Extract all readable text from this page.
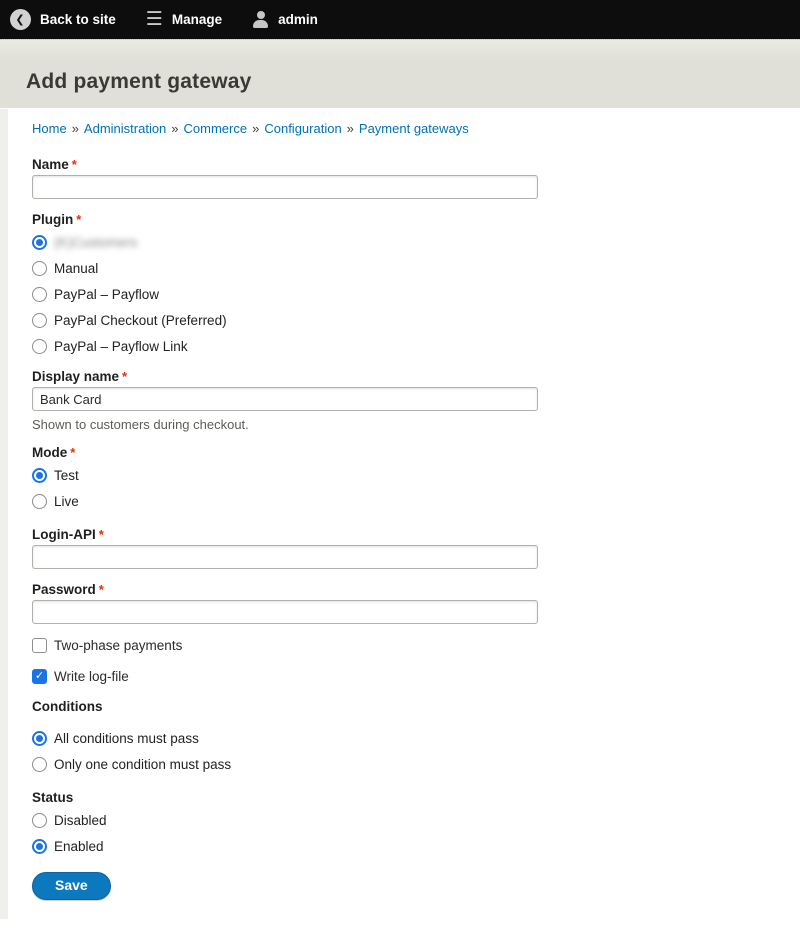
❮	Back to site ☰ Manage	admin
Add payment gateway
Home » Administration » Commerce » Configuration » Payment gateways
Name *
Plugin *
(K)Customers
Manual
PayPal – Payflow
PayPal Checkout (Preferred)
PayPal – Payflow Link
Display name *
Bank Card
Shown to customers during checkout.
Mode *
Test
Live
Login-API *
Password *
Two-phase payments
✓
Write log-file
Conditions
All conditions must pass
Only one condition must pass
Status
Disabled
Enabled
Save
